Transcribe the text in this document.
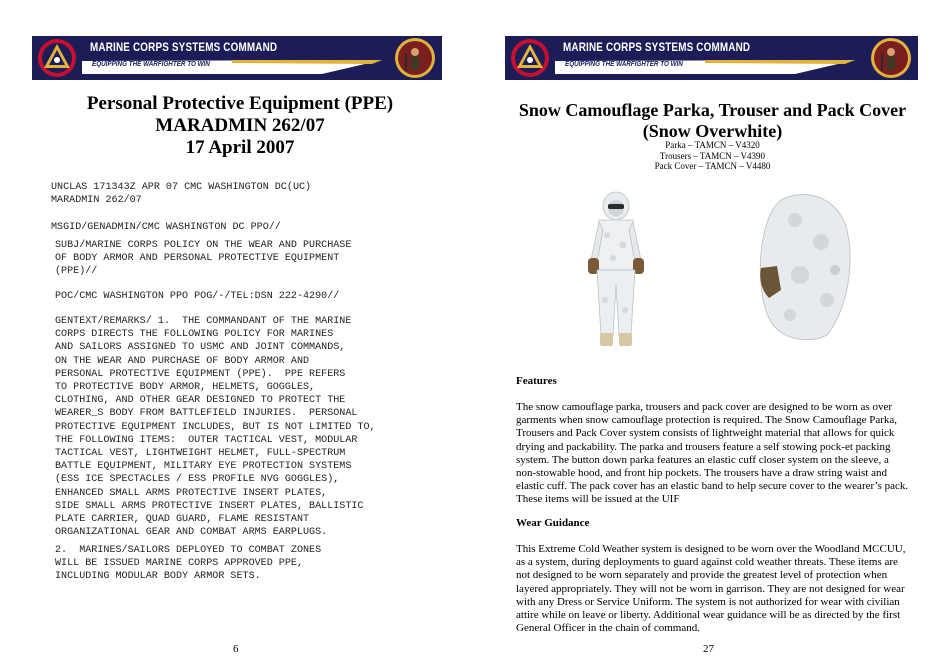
MARINE CORPS SYSTEMS COMMAND
EQUIPPING THE WARFIGHTER TO WIN
Personal Protective Equipment (PPE)
MARADMIN 262/07
17 April 2007
UNCLAS 171343Z APR 07 CMC WASHINGTON DC(UC)
MARADMIN 262/07
MSGID/GENADMIN/CMC WASHINGTON DC PPO//
SUBJ/MARINE CORPS POLICY ON THE WEAR AND PURCHASE
OF BODY ARMOR AND PERSONAL PROTECTIVE EQUIPMENT
(PPE)//
POC/CMC WASHINGTON PPO POG/-/TEL:DSN 222-4290//
GENTEXT/REMARKS/ 1.  THE COMMANDANT OF THE MARINE
CORPS DIRECTS THE FOLLOWING POLICY FOR MARINES
AND SAILORS ASSIGNED TO USMC AND JOINT COMMANDS,
ON THE WEAR AND PURCHASE OF BODY ARMOR AND
PERSONAL PROTECTIVE EQUIPMENT (PPE).  PPE REFERS
TO PROTECTIVE BODY ARMOR, HELMETS, GOGGLES,
CLOTHING, AND OTHER GEAR DESIGNED TO PROTECT THE
WEARER_S BODY FROM BATTLEFIELD INJURIES.  PERSONAL
PROTECTIVE EQUIPMENT INCLUDES, BUT IS NOT LIMITED TO,
THE FOLLOWING ITEMS:  OUTER TACTICAL VEST, MODULAR
TACTICAL VEST, LIGHTWEIGHT HELMET, FULL-SPECTRUM
BATTLE EQUIPMENT, MILITARY EYE PROTECTION SYSTEMS
(ESS ICE SPECTACLES / ESS PROFILE NVG GOGGLES),
ENHANCED SMALL ARMS PROTECTIVE INSERT PLATES,
SIDE SMALL ARMS PROTECTIVE INSERT PLATES, BALLISTIC
PLATE CARRIER, QUAD GUARD, FLAME RESISTANT
ORGANIZATIONAL GEAR AND COMBAT ARMS EARPLUGS.
2.  MARINES/SAILORS DEPLOYED TO COMBAT ZONES
WILL BE ISSUED MARINE CORPS APPROVED PPE,
INCLUDING MODULAR BODY ARMOR SETS.
6
MARINE CORPS SYSTEMS COMMAND
EQUIPPING THE WARFIGHTER TO WIN
Snow Camouflage Parka, Trouser and Pack Cover
(Snow Overwhite)
Parka – TAMCN – V4320
Trousers – TAMCN – V4390
Pack Cover – TAMCN – V4480
Features
The snow camouflage parka, trousers and pack cover are designed to be worn as over garments when snow camouflage protection is required. The Snow Camouflage Parka, Trousers and Pack Cover system consists of lightweight material that allows for quick drying and packability. The parka and trousers feature a self stowing pock-et packing system. The button down parka features an elastic cuff closer system on the sleeve, a non-stowable hood, and front hip pockets. The trousers have a draw string waist and elastic cuff. The pack cover has an elastic band to help secure cover to the wearer’s pack. These items will be issued at the UIF
Wear Guidance
This Extreme Cold Weather system is designed to be worn over the Woodland MCCUU, as a system, during deployments to guard against cold weather threats. These items are not designed to be worn separately and provide the greatest level of protection when layered appropriately. They will not be worn in garrison. They are not designed for wear with any Dress or Service Uniform. The system is not authorized for wear with civilian attire while on leave or liberty. Additional wear guidance will be as directed by the first General Officer in the chain of command.
27
